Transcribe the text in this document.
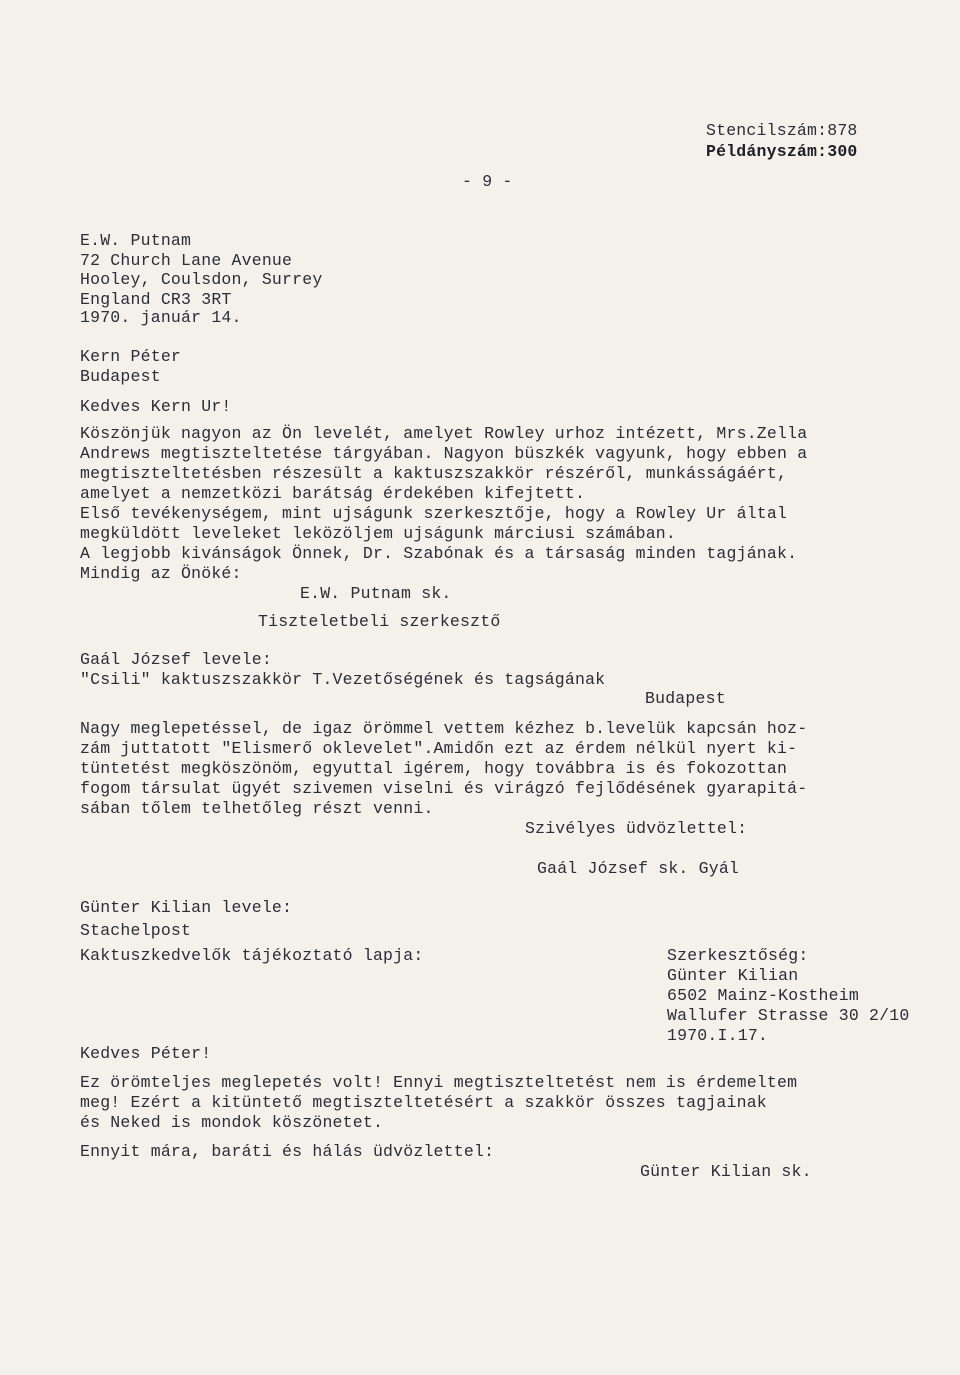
Stencilszám:878
Példányszám:300
- 9 -
E.W. Putnam
72 Church Lane Avenue
Hooley, Coulsdon, Surrey
England CR3 3RT
1970. január 14.
Kern Péter
Budapest
Kedves Kern Ur!
Köszönjük nagyon az Ön levelét, amelyet Rowley urhoz intézett, Mrs.Zella
Andrews megtiszteltetése tárgyában. Nagyon büszkék vagyunk, hogy ebben a
megtiszteltetésben részesült a kaktuszszakkör részéről, munkásságáért,
amelyet a nemzetközi barátság érdekében kifejtett.
Első tevékenységem, mint ujságunk szerkesztője, hogy a Rowley Ur által
megküldött leveleket leközöljem ujságunk márciusi számában.
A legjobb kivánságok Önnek, Dr. Szabónak és a társaság minden tagjának.
Mindig az Önöké:
E.W. Putnam sk.
Tiszteletbeli szerkesztő
Gaál József levele:
"Csili" kaktuszszakkör T.Vezetőségének és tagságának
Budapest
Nagy meglepetéssel, de igaz örömmel vettem kézhez b.levelük kapcsán hoz-
zám juttatott "Elismerő oklevelet".Amidőn ezt az érdem nélkül nyert ki-
tüntetést megköszönöm, egyuttal igérem, hogy továbbra is és fokozottan
fogom társulat ügyét szivemen viselni és virágzó fejlődésének gyarapitá-
sában tőlem telhetőleg részt venni.
Szivélyes üdvözlettel:
Gaál József sk. Gyál
Günter Kilian levele:
Stachelpost
Kaktuszkedvelők tájékoztató lapja:	Szerkesztőség:
Günter Kilian
6502 Mainz-Kostheim
Wallufer Strasse 30 2/10
1970.I.17.
Kedves Péter!
Ez örömteljes meglepetés volt! Ennyi megtiszteltetést nem is érdemeltem
meg! Ezért a kitüntető megtiszteltetésért a szakkör összes tagjainak
és Neked is mondok köszönetet.
Ennyit mára, baráti és hálás üdvözlettel:
Günter Kilian sk.
